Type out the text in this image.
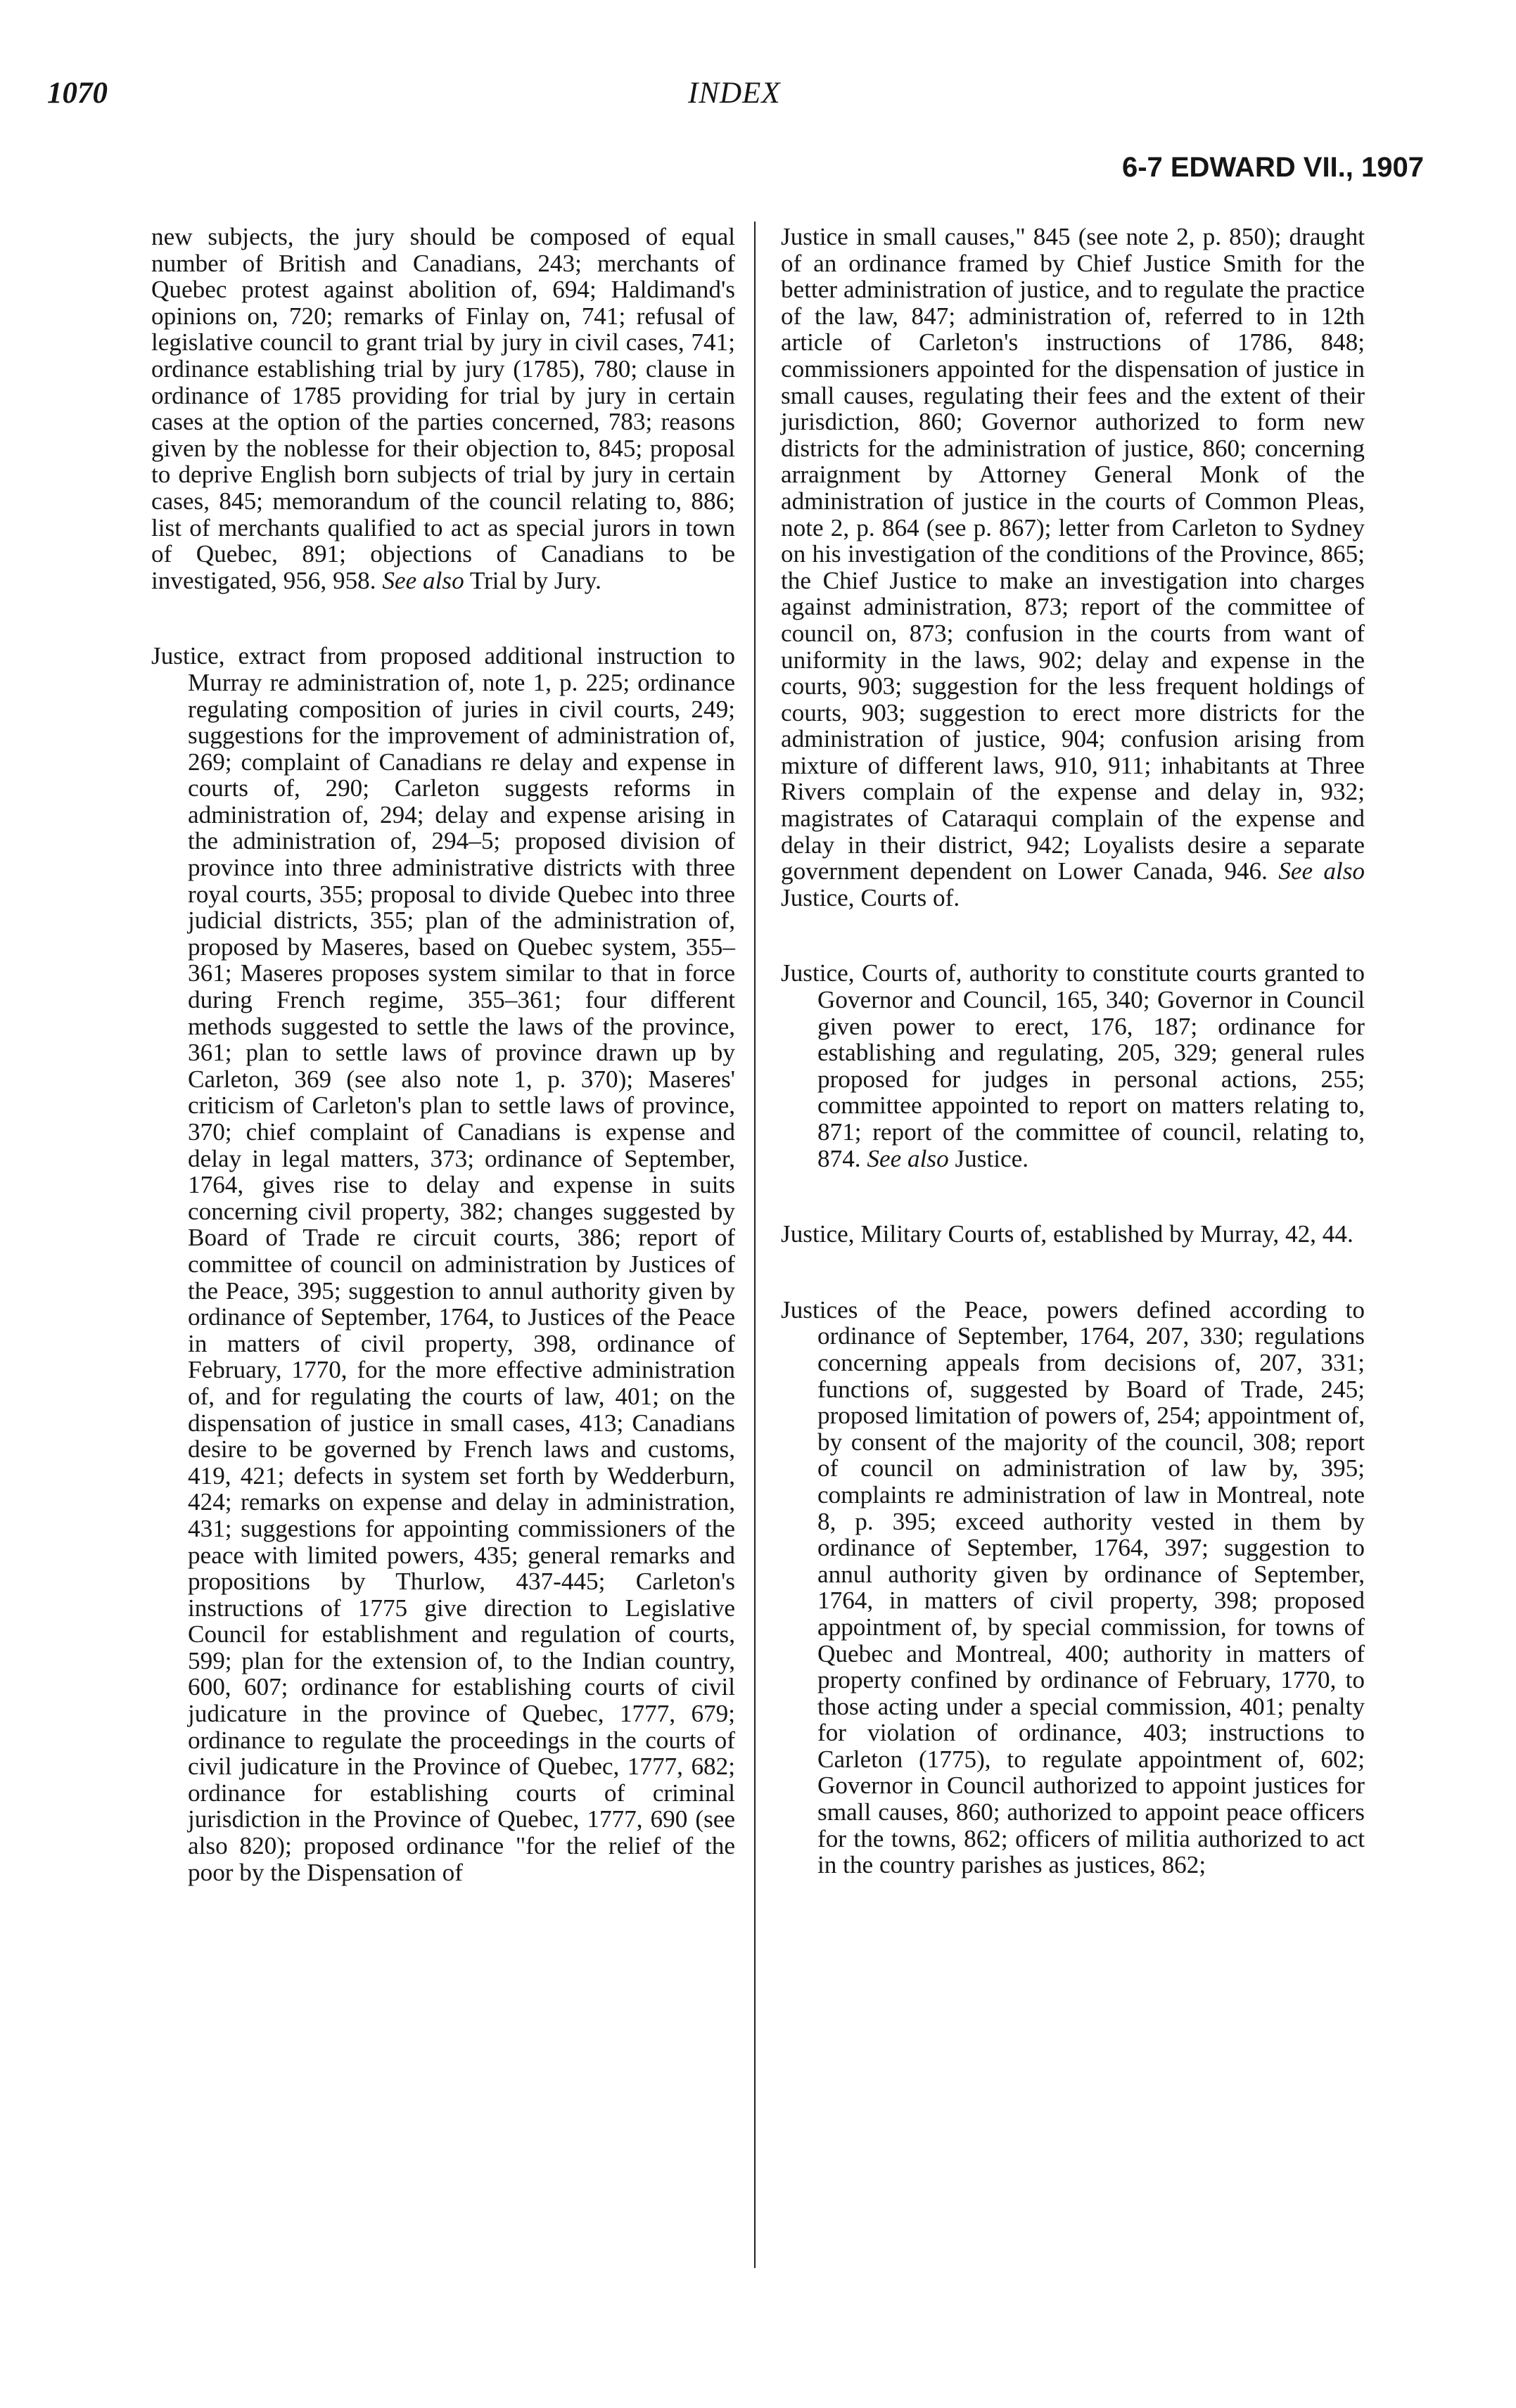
1070	INDEX
6-7 EDWARD VII., 1907
new subjects, the jury should be composed of equal number of British and Canadians, 243; merchants of Quebec protest against abolition of, 694; Haldimand's opinions on, 720; remarks of Finlay on, 741; refusal of legislative council to grant trial by jury in civil cases, 741; ordinance establishing trial by jury (1785), 780; clause in ordinance of 1785 providing for trial by jury in certain cases at the option of the parties concerned, 783; reasons given by the noblesse for their objection to, 845; proposal to deprive English born subjects of trial by jury in certain cases, 845; memorandum of the council relating to, 886; list of merchants qualified to act as special jurors in town of Quebec, 891; objections of Canadians to be investigated, 956, 958. See also Trial by Jury.
Justice, extract from proposed additional instruction to Murray re administration of, note 1, p. 225; ordinance regulating composition of juries in civil courts, 249; suggestions for the improvement of administration of, 269; complaint of Canadians re delay and expense in courts of, 290; Carleton suggests reforms in administration of, 294; delay and expense arising in the administration of, 294–5; proposed division of province into three administrative districts with three royal courts, 355; proposal to divide Quebec into three judicial districts, 355; plan of the administration of, proposed by Maseres, based on Quebec system, 355–361; Maseres proposes system similar to that in force during French regime, 355–361; four different methods suggested to settle the laws of the province, 361; plan to settle laws of province drawn up by Carleton, 369 (see also note 1, p. 370); Maseres' criticism of Carleton's plan to settle laws of province, 370; chief complaint of Canadians is expense and delay in legal matters, 373; ordinance of September, 1764, gives rise to delay and expense in suits concerning civil property, 382; changes suggested by Board of Trade re circuit courts, 386; report of committee of council on administration by Justices of the Peace, 395; suggestion to annul authority given by ordinance of September, 1764, to Justices of the Peace in matters of civil property, 398, ordinance of February, 1770, for the more effective administration of, and for regulating the courts of law, 401; on the dispensation of justice in small cases, 413; Canadians desire to be governed by French laws and customs, 419, 421; defects in system set forth by Wedderburn, 424; remarks on expense and delay in administration, 431; suggestions for appointing commissioners of the peace with limited powers, 435; general remarks and propositions by Thurlow, 437-445; Carleton's instructions of 1775 give direction to Legislative Council for establishment and regulation of courts, 599; plan for the extension of, to the Indian country, 600, 607; ordinance for establishing courts of civil judicature in the province of Quebec, 1777, 679; ordinance to regulate the proceedings in the courts of civil judicature in the Province of Quebec, 1777, 682; ordinance for establishing courts of criminal jurisdiction in the Province of Quebec, 1777, 690 (see also 820); proposed ordinance "for the relief of the poor by the Dispensation of
Justice in small causes," 845 (see note 2, p. 850); draught of an ordinance framed by Chief Justice Smith for the better administration of justice, and to regulate the practice of the law, 847; administration of, referred to in 12th article of Carleton's instructions of 1786, 848; commissioners appointed for the dispensation of justice in small causes, regulating their fees and the extent of their jurisdiction, 860; Governor authorized to form new districts for the administration of justice, 860; concerning arraignment by Attorney General Monk of the administration of justice in the courts of Common Pleas, note 2, p. 864 (see p. 867); letter from Carleton to Sydney on his investigation of the conditions of the Province, 865; the Chief Justice to make an investigation into charges against administration, 873; report of the committee of council on, 873; confusion in the courts from want of uniformity in the laws, 902; delay and expense in the courts, 903; suggestion for the less frequent holdings of courts, 903; suggestion to erect more districts for the administration of justice, 904; confusion arising from mixture of different laws, 910, 911; inhabitants at Three Rivers complain of the expense and delay in, 932; magistrates of Cataraqui complain of the expense and delay in their district, 942; Loyalists desire a separate government dependent on Lower Canada, 946. See also Justice, Courts of.
Justice, Courts of, authority to constitute courts granted to Governor and Council, 165, 340; Governor in Council given power to erect, 176, 187; ordinance for establishing and regulating, 205, 329; general rules proposed for judges in personal actions, 255; committee appointed to report on matters relating to, 871; report of the committee of council, relating to, 874. See also Justice.
Justice, Military Courts of, established by Murray, 42, 44.
Justices of the Peace, powers defined according to ordinance of September, 1764, 207, 330; regulations concerning appeals from decisions of, 207, 331; functions of, suggested by Board of Trade, 245; proposed limitation of powers of, 254; appointment of, by consent of the majority of the council, 308; report of council on administration of law by, 395; complaints re administration of law in Montreal, note 8, p. 395; exceed authority vested in them by ordinance of September, 1764, 397; suggestion to annul authority given by ordinance of September, 1764, in matters of civil property, 398; proposed appointment of, by special commission, for towns of Quebec and Montreal, 400; authority in matters of property confined by ordinance of February, 1770, to those acting under a special commission, 401; penalty for violation of ordinance, 403; instructions to Carleton (1775), to regulate appointment of, 602; Governor in Council authorized to appoint justices for small causes, 860; authorized to appoint peace officers for the towns, 862; officers of militia authorized to act in the country parishes as justices, 862;
